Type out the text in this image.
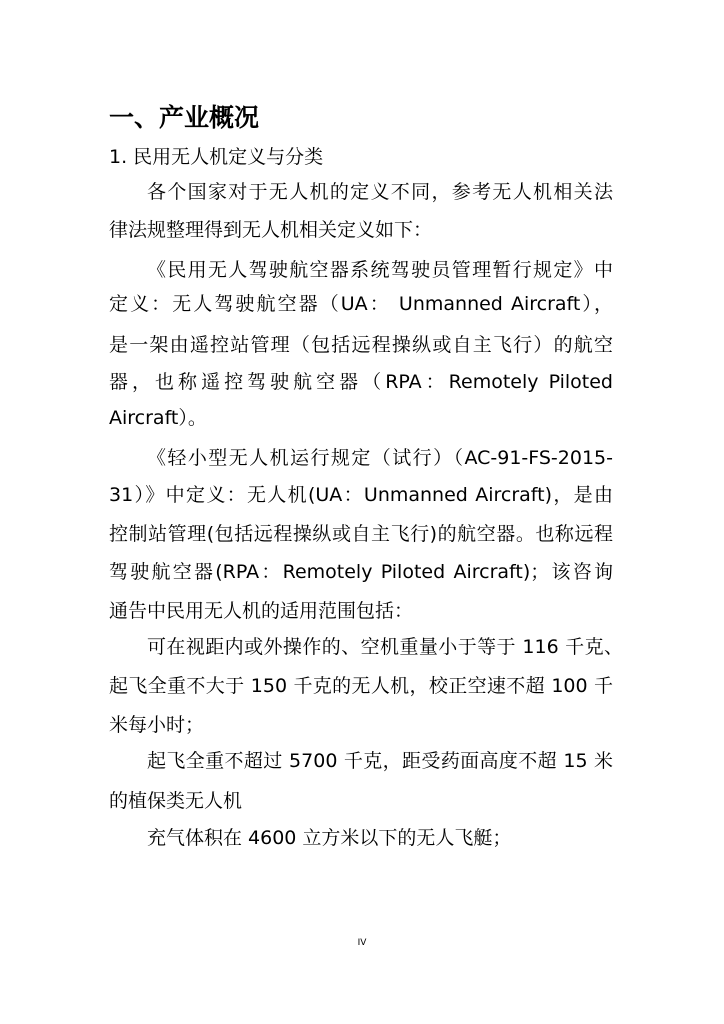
一、产业概况
1. 民用无人机定义与分类
各个国家对于无人机的定义不同，参考无人机相关法
律法规整理得到无人机相关定义如下：
《民用无人驾驶航空器系统驾驶员管理暂行规定》中
定义：无人驾驶航空器（UA： Unmanned Aircraft），
是一架由遥控站管理（包括远程操纵或自主飞行）的航空
器，也称遥控驾驶航空器（RPA：Remotely Piloted
Aircraft）。
《轻小型无人机运行规定（试行）（AC-91-FS-2015-
31）》中定义：无人机(UA：Unmanned Aircraft)，是由
控制站管理(包括远程操纵或自主飞行)的航空器。也称远程
驾驶航空器(RPA：Remotely Piloted Aircraft)；该咨询
通告中民用无人机的适用范围包括：
可在视距内或外操作的、空机重量小于等于 116 千克、
起飞全重不大于 150 千克的无人机，校正空速不超 100 千
米每小时；
起飞全重不超过 5700 千克，距受药面高度不超 15 米
的植保类无人机
充气体积在 4600 立方米以下的无人飞艇；
IV
